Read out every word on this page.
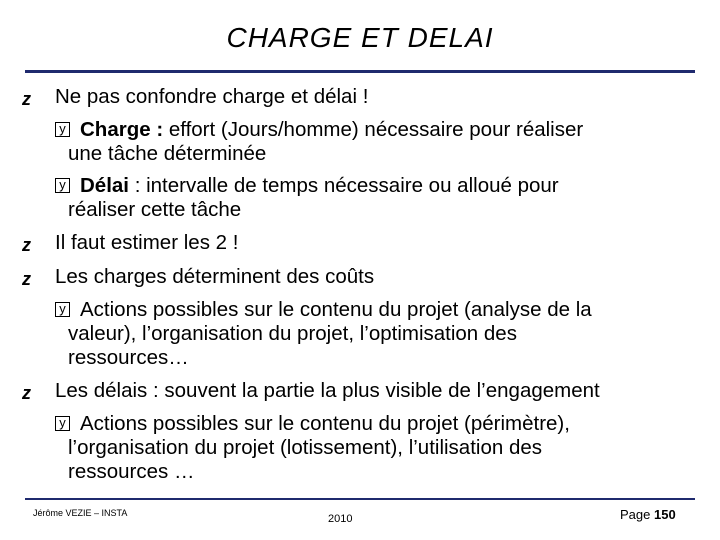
CHARGE ET DELAI
z Ne pas confondre charge et délai !
y Charge : effort (Jours/homme) nécessaire pour réaliser
une tâche déterminée
y Délai : intervalle de temps nécessaire ou alloué pour
réaliser cette tâche
z Il faut estimer les 2 !
z Les charges déterminent des coûts
y Actions possibles sur le contenu du projet (analyse de la
valeur), l’organisation du projet, l’optimisation des
ressources…
z Les délais : souvent la partie la plus visible de l’engagement
y Actions possibles sur le contenu du projet (périmètre),
l’organisation du projet (lotissement), l’utilisation des
ressources …
Jérôme VEZIE – INSTA	2010	Page 150
